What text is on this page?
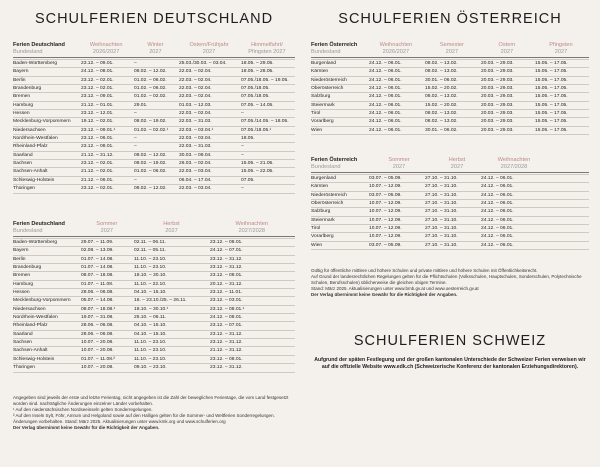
SCHULFERIEN DEUTSCHLAND
Ferien Deutschland
Bundesland
Weihnachten
2026/2027
Winter
2027
Ostern/Frühjahr
2027
Himmelfahrt/
Pfingsten 2027
Baden-Württemberg	23.12. – 09.01.	–	25.03./30.03. – 03.04.	18.05. – 29.05.
Bayern	24.12. – 08.01.	08.02. – 12.02.	22.03. – 02.04.	18.05. – 28.05.
Berlin	23.12. – 02.01.	01.02. – 06.02.	22.03. – 02.04.	07.05./18.05. – 19.05.
Brandenburg	23.12. – 02.01.	01.02. – 06.02.	22.03. – 02.04.	07.05./18.05.
Bremen	23.12. – 09.01.	01.02. – 02.02.	22.03. – 02.04.	07.05./18.05.
Hamburg	21.12. – 01.01.	29.01.	01.03. – 12.03.	07.05. – 14.05.
Hessen	23.12. – 12.01.	–	22.03. – 02.04.	–
Mecklenburg-Vorpommern	19.12. – 02.01.	08.02. – 19.02.	22.03. – 31.03.	07.05./14.05. – 18.05.
Niedersachsen	23.12. – 09.01.¹	01.02. – 02.02.¹	22.03. – 03.04.¹	07.05./18.05.¹
Nordrhein-Westfalen	23.12. – 06.01.	–	22.03. – 03.04.	18.05.
Rheinland-Pfalz	23.12. – 08.01.	–	22.03. – 31.03.	–
Saarland	21.12. – 31.12.	08.02. – 12.02.	30.03. – 09.04.	–
Sachsen	23.12. – 02.01.	08.02. – 19.02.	26.03. – 02.04.	15.05. – 21.05.
Sachsen-Anhalt	21.12. – 02.01.	01.02. – 06.02.	22.03. – 03.04.	15.05. – 22.05.
Schleswig-Holstein	21.12. – 06.01.	–	06.04. – 17.04.	07.05.
Thüringen	23.12. – 02.01.	08.02. – 12.02.	22.03. – 03.04.	–
Ferien Deutschland
Bundesland
Sommer
2027
Herbst
2027
Weihnachten
2027/2028
Baden-Württemberg	29.07. – 11.09.	02.11. – 06.11.	23.12. – 08.01.
Bayern	02.08. – 13.09.	02.11. – 05.11.	24.12. – 07.01.
Berlin	01.07. – 14.08.	11.10. – 23.10.	23.12. – 31.12.
Brandenburg	01.07. – 14.08.	11.10. – 23.10.	23.12. – 31.12.
Bremen	08.07. – 18.08.	18.10. – 30.10.	23.12. – 08.01.
Hamburg	01.07. – 11.08.	11.10. – 22.10.	20.12. – 31.12.
Hessen	28.06. – 06.08.	04.10. – 15.10.	23.12. – 11.01.
Mecklenburg-Vorpommern	05.07. – 14.08.	16. – 23.10./25. – 26.11.	23.12. – 03.01.
Niedersachsen	08.07. – 18.08.¹	18.10. – 30.10.¹	23.12. – 08.01.¹
Nordrhein-Westfalen	19.07. – 31.08.	25.10. – 06.11.	24.12. – 08.01.
Rheinland-Pfalz	28.06. – 06.08.	04.10. – 15.10.	23.12. – 07.01.
Saarland	28.06. – 06.08.	04.10. – 15.10.	23.12. – 31.12.
Sachsen	10.07. – 20.08.	11.10. – 23.10.	23.12. – 31.12.
Sachsen-Anhalt	10.07. – 20.08.	11.10. – 23.10.	21.12. – 31.12.
Schleswig-Holstein	01.07. – 11.08.²	11.10. – 23.10.	23.12. – 08.01.
Thüringen	10.07. – 20.08.	09.10. – 23.10.	23.12. – 31.12.
Angegeben sind jeweils der erste und letzte Ferientag, nicht angegeben ist die Zahl der beweglichen Ferientage, die vom Land festgesetzt
worden sind. nachträgliche Änderungen einzelner Länder vorbehalten.
¹ Auf den niedersächsischen Nordseeinseln gelten Sonderregelungen.
² Auf den Inseln Sylt, Föhr, Amrum und Helgoland sowie auf den Halligen gelten für die Sommer- und Weltferien Sonderregelungen.
Änderungen vorbehalten. Stand: März 2025. Aktualisierungen unter www.kmk.org und www.schulferien.org
Der Verlag übernimmt keine Gewähr für die Richtigkeit der Angaben.
SCHULFERIEN ÖSTERREICH
Ferien Österreich
Bundesland
Weihnachten
2026/2027
Semester
2027
Ostern
2027
Pfingsten
2027
Burgenland	24.12. – 06.01.	08.02. – 13.02.	20.03. – 29.03.	15.05. – 17.05.
Kärnten	24.12. – 06.01.	08.02. – 13.02.	20.03. – 29.03.	15.05. – 17.05.
Niederösterreich	24.12. – 06.01.	30.01. – 06.02.	20.03. – 29.03.	15.05. – 17.05.
Oberösterreich	24.12. – 06.01.	15.02. – 20.02.	20.03. – 29.03.	15.05. – 17.05.
Salzburg	24.12. – 06.01.	08.02. – 13.02.	20.03. – 29.03.	15.05. – 17.05.
Steiermark	24.12. – 06.01.	15.02. – 20.02.	20.03. – 29.03.	15.05. – 17.05.
Tirol	24.12. – 06.01.	08.02. – 13.02.	20.03. – 29.03.	15.05. – 17.05.
Vorarlberg	24.12. – 06.01.	08.02. – 13.02.	20.03. – 29.03.	15.05. – 17.05.
Wien	24.12. – 06.01.	30.01. – 06.02.	20.03. – 29.03.	15.05. – 17.05.
Ferien Österreich
Bundesland
Sommer
2027
Herbst
2027
Weihnachten
2027/2028
Burgenland	03.07. – 05.09.	27.10. – 31.10.	24.12. – 06.01.
Kärnten	10.07. – 12.09.	27.10. – 31.10.	24.12. – 06.01.
Niederösterreich	03.07. – 05.09.	27.10. – 31.10.	24.12. – 06.01.
Oberösterreich	10.07. – 12.09.	27.10. – 31.10.	24.12. – 06.01.
Salzburg	10.07. – 12.09.	27.10. – 31.10.	24.12. – 06.01.
Steiermark	10.07. – 12.09.	27.10. – 31.10.	24.12. – 06.01.
Tirol	10.07. – 12.09.	27.10. – 31.10.	24.12. – 06.01.
Vorarlberg	10.07. – 12.09.	27.10. – 31.10.	24.12. – 06.01.
Wien	03.07. – 05.09.	27.10. – 31.10.	24.12. – 06.01.
Gültig für öffentliche mittlere und höhere Schulen und private mittlere und höhere Schulen mit Öffentlichkeitsrecht.
Auf Grund der landesrechtlichen Regelungen gelten für die Pflichtschulen (Volksschulen, Hauptschulen, Sonderschulen, Polytechnische
Schulen, Berufsschulen) üblicherweise die gleichen obigen Termine.
Stand: März 2025. Aktualisierungen unter www.bmb.gv.at und www.oesterreich.gv.at
Der Verlag übernimmt keine Gewähr für die Richtigkeit der Angaben.
SCHULFERIEN SCHWEIZ
Aufgrund der späten Festlegung und der großen kantonalen Unterschiede der Schweizer Ferien verweisen wir
auf die offizielle Website www.edk.ch (Schweizerische Konferenz der kantonalen Erziehungsdirektoren).
